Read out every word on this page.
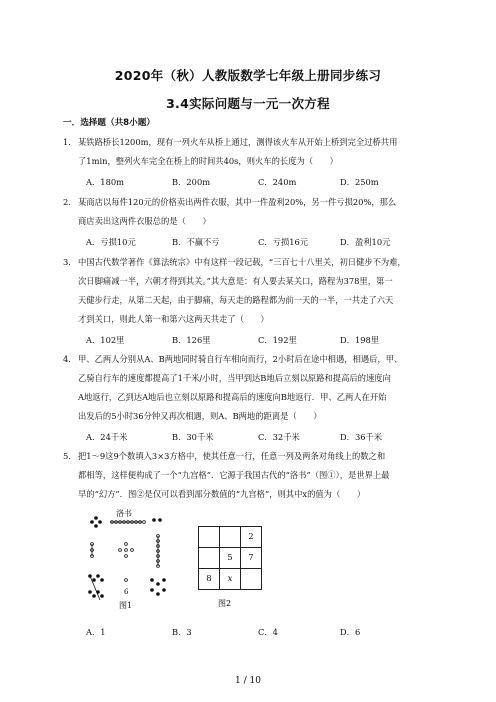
2020年（秋）人教版数学七年级上册同步练习
3.4实际问题与一元一次方程
一．选择题（共8小题）
1． 某铁路桥长1200m，现有一列火车从桥上通过，测得该火车从开始上桥到完全过桥共用
了1min，整列火车完全在桥上的时间共40s，则火车的长度为（　　）
A．180m	B．200m	C．240m	D．250m
2． 某商店以每件120元的价格卖出两件衣服，其中一件盈利20%，另一件亏损20%，那么
商店卖出这两件衣服总的是（　　）
A．亏损10元	B．不赢不亏	C．亏损16元	D．盈利10元
3． 中国古代数学著作《算法统宗》中有这样一段记载，“三百七十八里关，初日健步不为难，
次日脚痛减一半，六朝才得到其关。”其大意是：有人要去某关口，路程为378里，第一
天健步行走，从第二天起，由于脚痛，每天走的路程都为前一天的一半，一共走了六天
才到关口，则此人第一和第六这两天共走了（　　）
A．102里	B．126里	C．192里	D．198里
4． 甲、乙两人分别从A、B两地同时骑自行车相向而行，2小时后在途中相遇，相遇后，甲、
乙骑自行车的速度都提高了1千米/小时，当甲到达B地后立刻以原路和提高后的速度向
A地返行，乙到达A地后也立刻以原路和提高后的速度向B地返行．甲、乙两人在开始
出发后的5小时36分钟又再次相遇，则A、B两地的距离是（　　）
A．24千米	B．30千米	C．32千米	D．36千米
5． 把1～9这9个数填入3×3方格中，使其任意一行，任意一列及两条对角线上的数之和
都相等，这样便构成了一个“九宫格”．它源于我国古代的“洛书”（图①），是世界上最
早的“幻方”．图②是仅可以看到部分数值的“九宫格”，则其中x的值为（　　）
洛书
6
图1
		2
	5	7
8	x	
图2
A．1	B．3	C．4	D．6
1 / 10
